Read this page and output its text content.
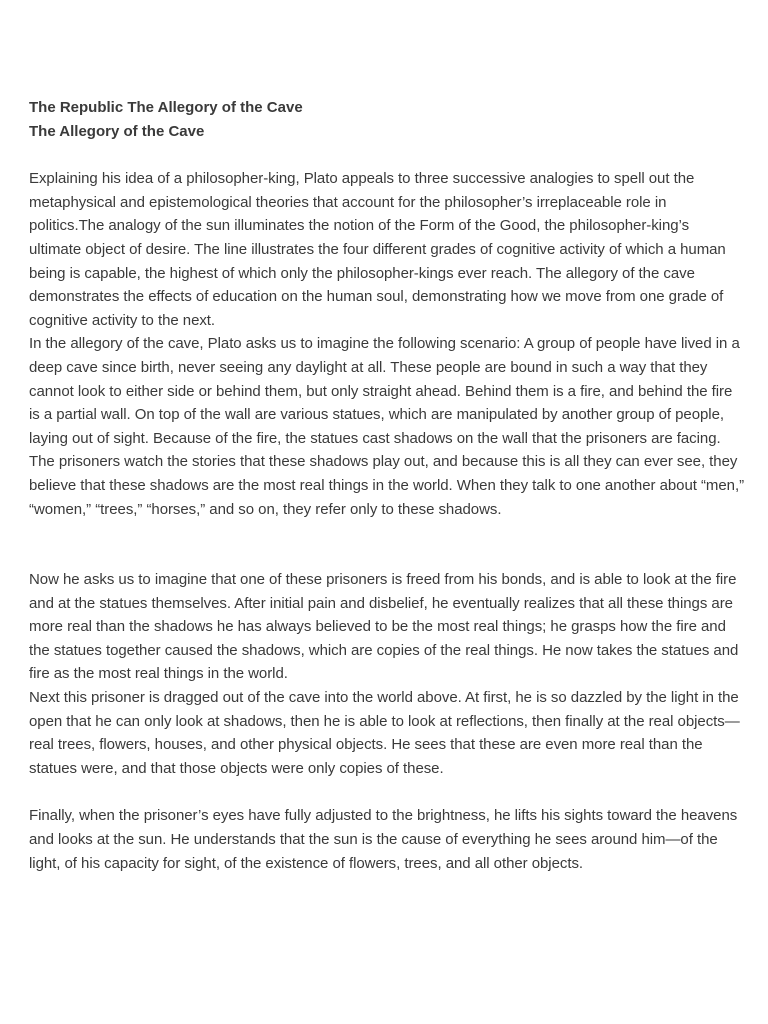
The Republic The Allegory of the Cave
The Allegory of the Cave

Explaining his idea of a philosopher-king, Plato appeals to three successive analogies to spell out the metaphysical and epistemological theories that account for the philosopher’s irreplaceable role in politics.The analogy of the sun illuminates the notion of the Form of the Good, the philosopher-king’s ultimate object of desire. The line illustrates the four different grades of cognitive activity of which a human being is capable, the highest of which only the philosopher-kings ever reach. The allegory of the cave demonstrates the effects of education on the human soul, demonstrating how we move from one grade of cognitive activity to the next.

In the allegory of the cave, Plato asks us to imagine the following scenario: A group of people have lived in a deep cave since birth, never seeing any daylight at all. These people are bound in such a way that they cannot look to either side or behind them, but only straight ahead. Behind them is a fire, and behind the fire is a partial wall. On top of the wall are various statues, which are manipulated by another group of people, laying out of sight. Because of the fire, the statues cast shadows on the wall that the prisoners are facing. The prisoners watch the stories that these shadows play out, and because this is all they can ever see, they believe that these shadows are the most real things in the world. When they talk to one another about “men,” “women,” “trees,” “horses,” and so on, they refer only to these shadows.

Now he asks us to imagine that one of these prisoners is freed from his bonds, and is able to look at the fire and at the statues themselves. After initial pain and disbelief, he eventually realizes that all these things are more real than the shadows he has always believed to be the most real things; he grasps how the fire and the statues together caused the shadows, which are copies of the real things. He now takes the statues and fire as the most real things in the world.

Next this prisoner is dragged out of the cave into the world above. At first, he is so dazzled by the light in the open that he can only look at shadows, then he is able to look at reflections, then finally at the real objects—real trees, flowers, houses, and other physical objects. He sees that these are even more real than the statues were, and that those objects were only copies of these.

Finally, when the prisoner’s eyes have fully adjusted to the brightness, he lifts his sights toward the heavens and looks at the sun. He understands that the sun is the cause of everything he sees around him—of the light, of his capacity for sight, of the existence of flowers, trees, and all other objects.
